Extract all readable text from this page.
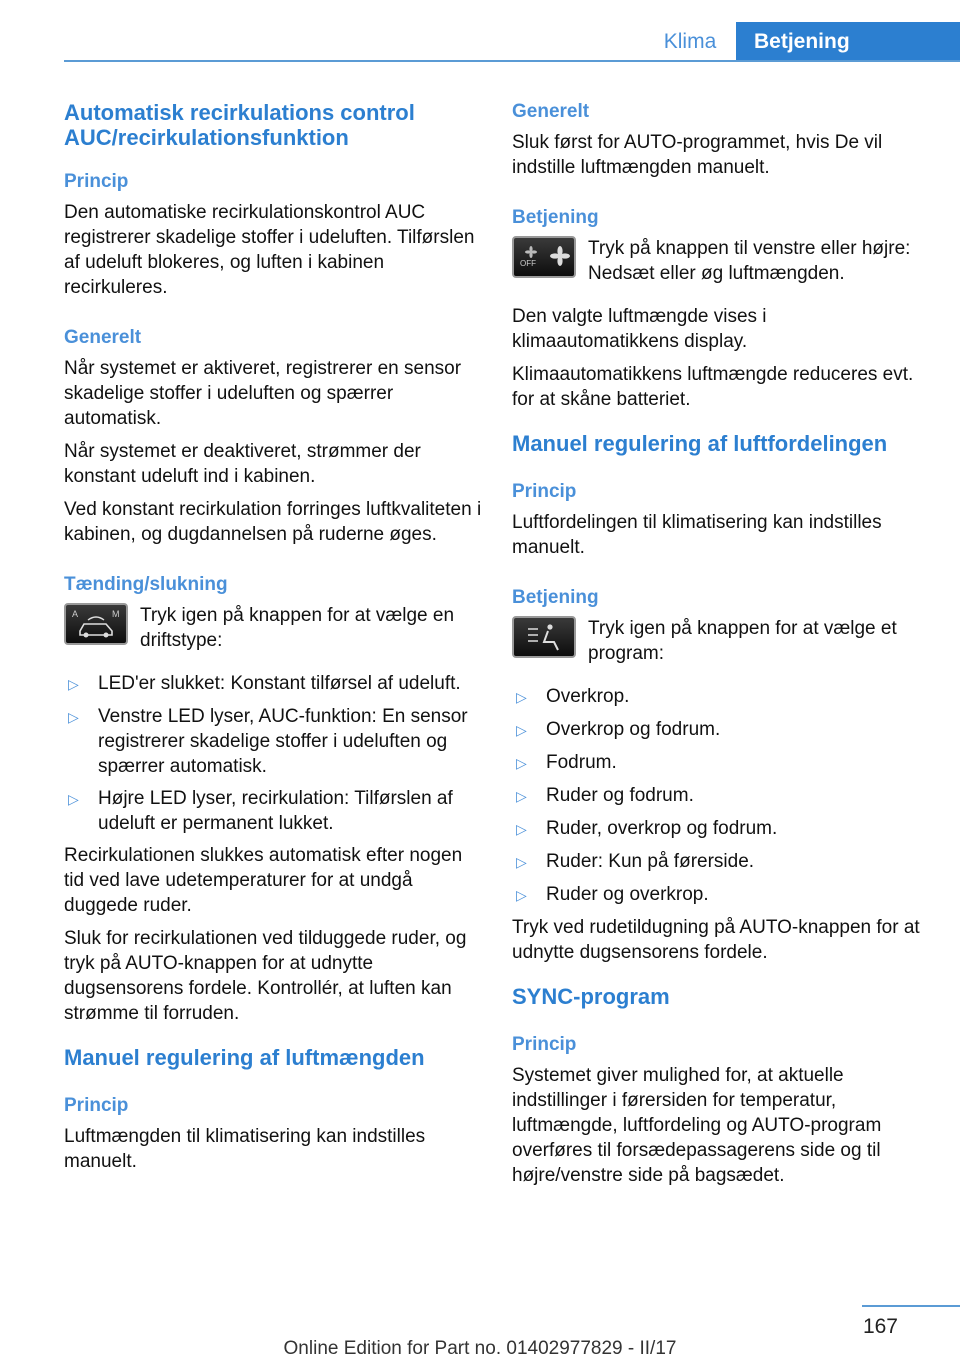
Klima Betjening
Automatisk recirkulations control AUC/recirkulationsfunktion
Princip

Den automatiske recirkulationskontrol AUC registrerer skadelige stoffer i udeluften. Tilførslen af udeluft blokeres, og luften i kabinen recirkuleres.

Generelt

Når systemet er aktiveret, registrerer en sensor skadelige stoffer i udeluften og spærrer automatisk.

Når systemet er deaktiveret, strømmer der konstant udeluft ind i kabinen.

Ved konstant recirkulation forringes luftkvaliteten i kabinen, og dugdannelsen på ruderne øges.

Tænding/slukning
A	M Tryk igen på knappen for at vælge en driftstype:
▷	LED'er slukket: Konstant tilførsel af udeluft.
▷	Venstre LED lyser, AUC-funktion: En sensor registrerer skadelige stoffer i udeluften og spærrer automatisk.
▷	Højre LED lyser, recirkulation: Tilførslen af udeluft er permanent lukket.

Recirkulationen slukkes automatisk efter nogen tid ved lave udetemperaturer for at undgå duggede ruder.

Sluk for recirkulationen ved tilduggede ruder, og tryk på AUTO-knappen for at udnytte dugsensorens fordele. Kontrollér, at luften kan strømme til forruden.

Manuel regulering af luftmængden
Princip

Luftmængden til klimatisering kan indstilles manuelt.

Generelt

Sluk først for AUTO-programmet, hvis De vil indstille luftmængden manuelt.

Betjening
OFF
Tryk på knappen til venstre eller højre: Nedsæt eller øg luftmængden.

Den valgte luftmængde vises i klimaautomatikkens display.

Klimaautomatikkens luftmængde reduceres evt. for at skåne batteriet.

Manuel regulering af luftfordelingen
Princip

Luftfordelingen til klimatisering kan indstilles manuelt.

Betjening
Tryk igen på knappen for at vælge et program:
▷	Overkrop.
▷	Overkrop og fodrum.
▷	Fodrum.
▷	Ruder og fodrum.
▷	Ruder, overkrop og fodrum.
▷	Ruder: Kun på førerside.
▷	Ruder og overkrop.

Tryk ved rudetildugning på AUTO-knappen for at udnytte dugsensorens fordele.

SYNC-program
Princip

Systemet giver mulighed for, at aktuelle indstillinger i førersiden for temperatur, luftmængde, luftfordeling og AUTO-program overføres til forsædepassagerens side og til højre/venstre side på bagsædet.

167
Online Edition for Part no. 01402977829 - II/17
